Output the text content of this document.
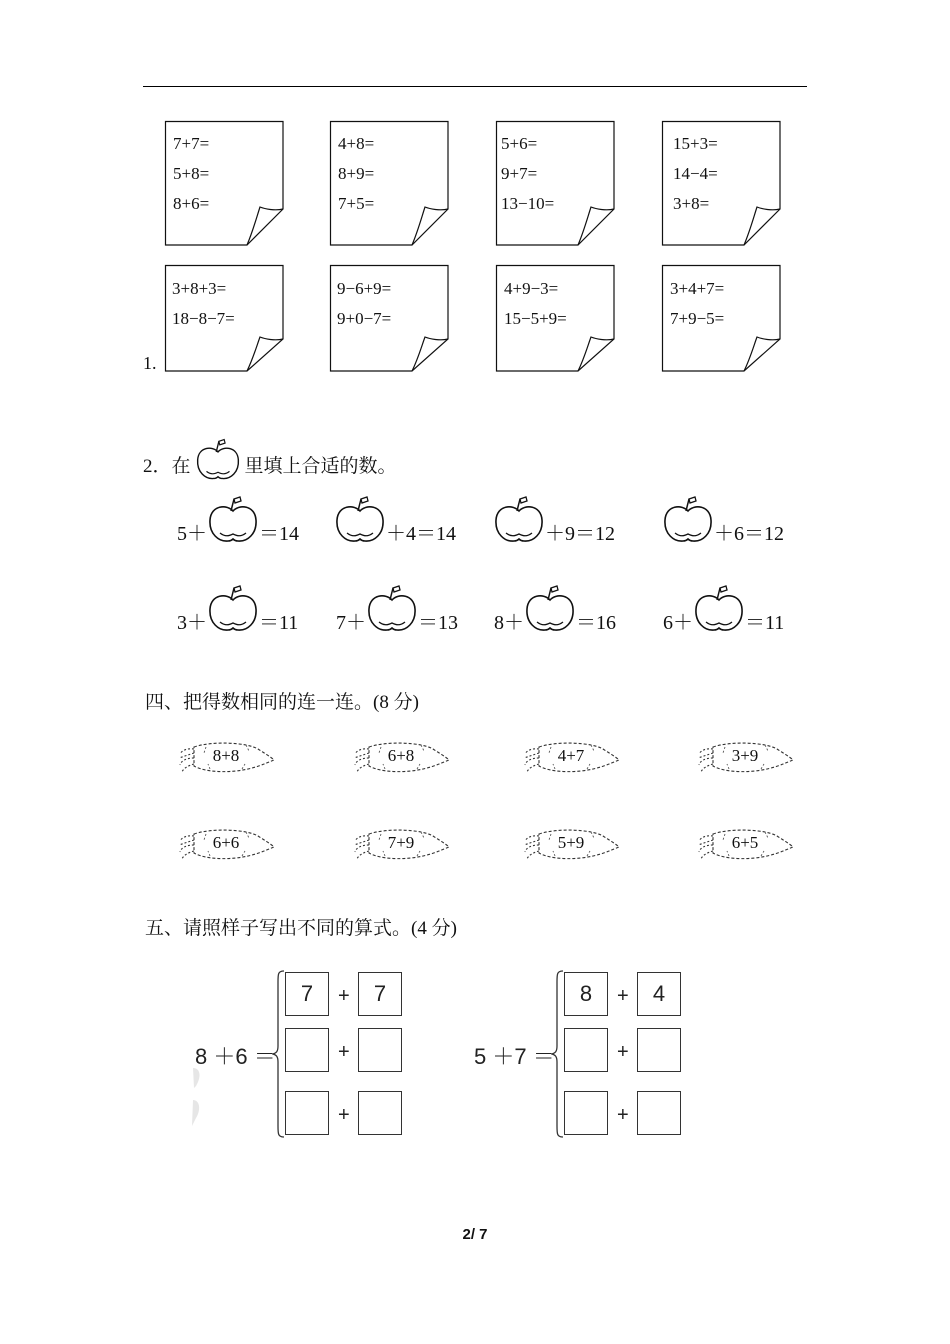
7+7=
5+8=
8+6=
4+8=
8+9=
7+5=
5+6=
9+7=
13−10=
15+3=
14−4=
3+8=
3+8+3=
18−8−7=
9−6+9=
9+0−7=
4+9−3=
15−5+9=
3+4+7=
7+9−5=
1.
2．在	里填上合适的数。
5＋	＝14	＋4＝14	＋9＝12	＋6＝12
3＋	＝11 7＋	＝13 8＋	＝16 6＋	＝11
四、把得数相同的连一连。(8 分)
8+8	6+8	4+7	3+9
6+6	7+9	5+9	6+5
五、请照样子写出不同的算式。(4 分)
8 ＋6 ＝
7	+	7
+
+
5 ＋7 ＝
8	+	4
+
+
2/ 7
